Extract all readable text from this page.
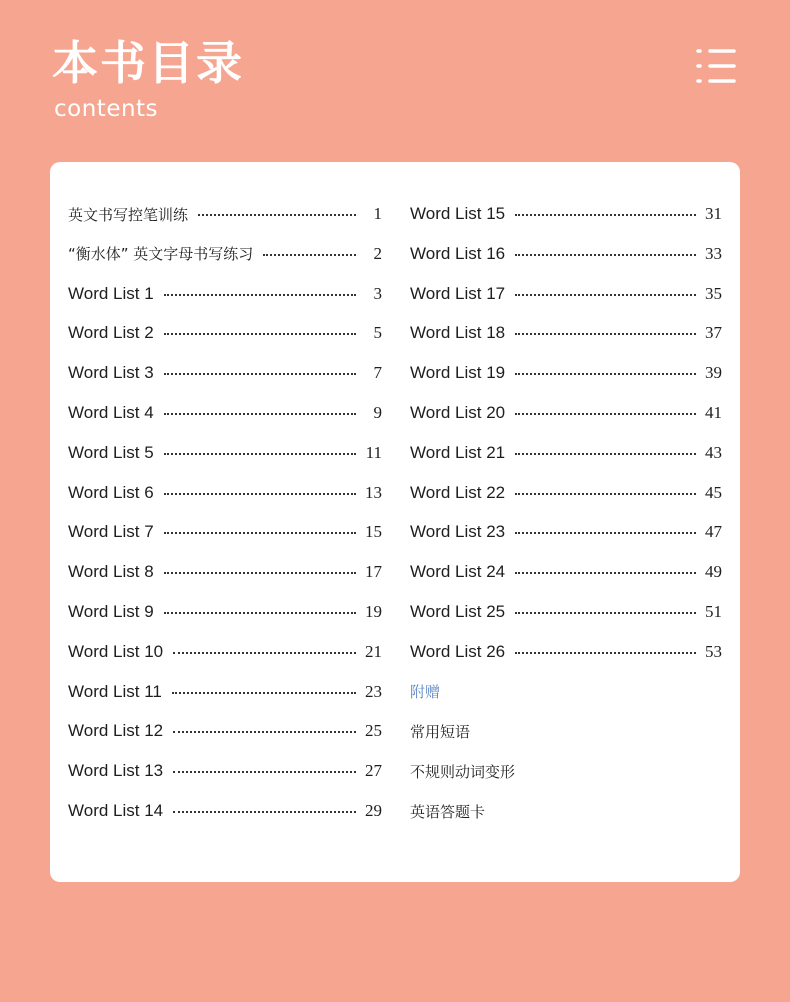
本书目录
contents
英文书写控笔训练	1
“衡水体” 英文字母书写练习	2
Word List 1	3
Word List 2	5
Word List 3	7
Word List 4	9
Word List 5	11
Word List 6	13
Word List 7	15
Word List 8	17
Word List 9	19
Word List 10	21
Word List 11	23
Word List 12	25
Word List 13	27
Word List 14	29
Word List 15	31
Word List 16	33
Word List 17	35
Word List 18	37
Word List 19	39
Word List 20	41
Word List 21	43
Word List 22	45
Word List 23	47
Word List 24	49
Word List 25	51
Word List 26	53
附赠
常用短语
不规则动词变形
英语答题卡
